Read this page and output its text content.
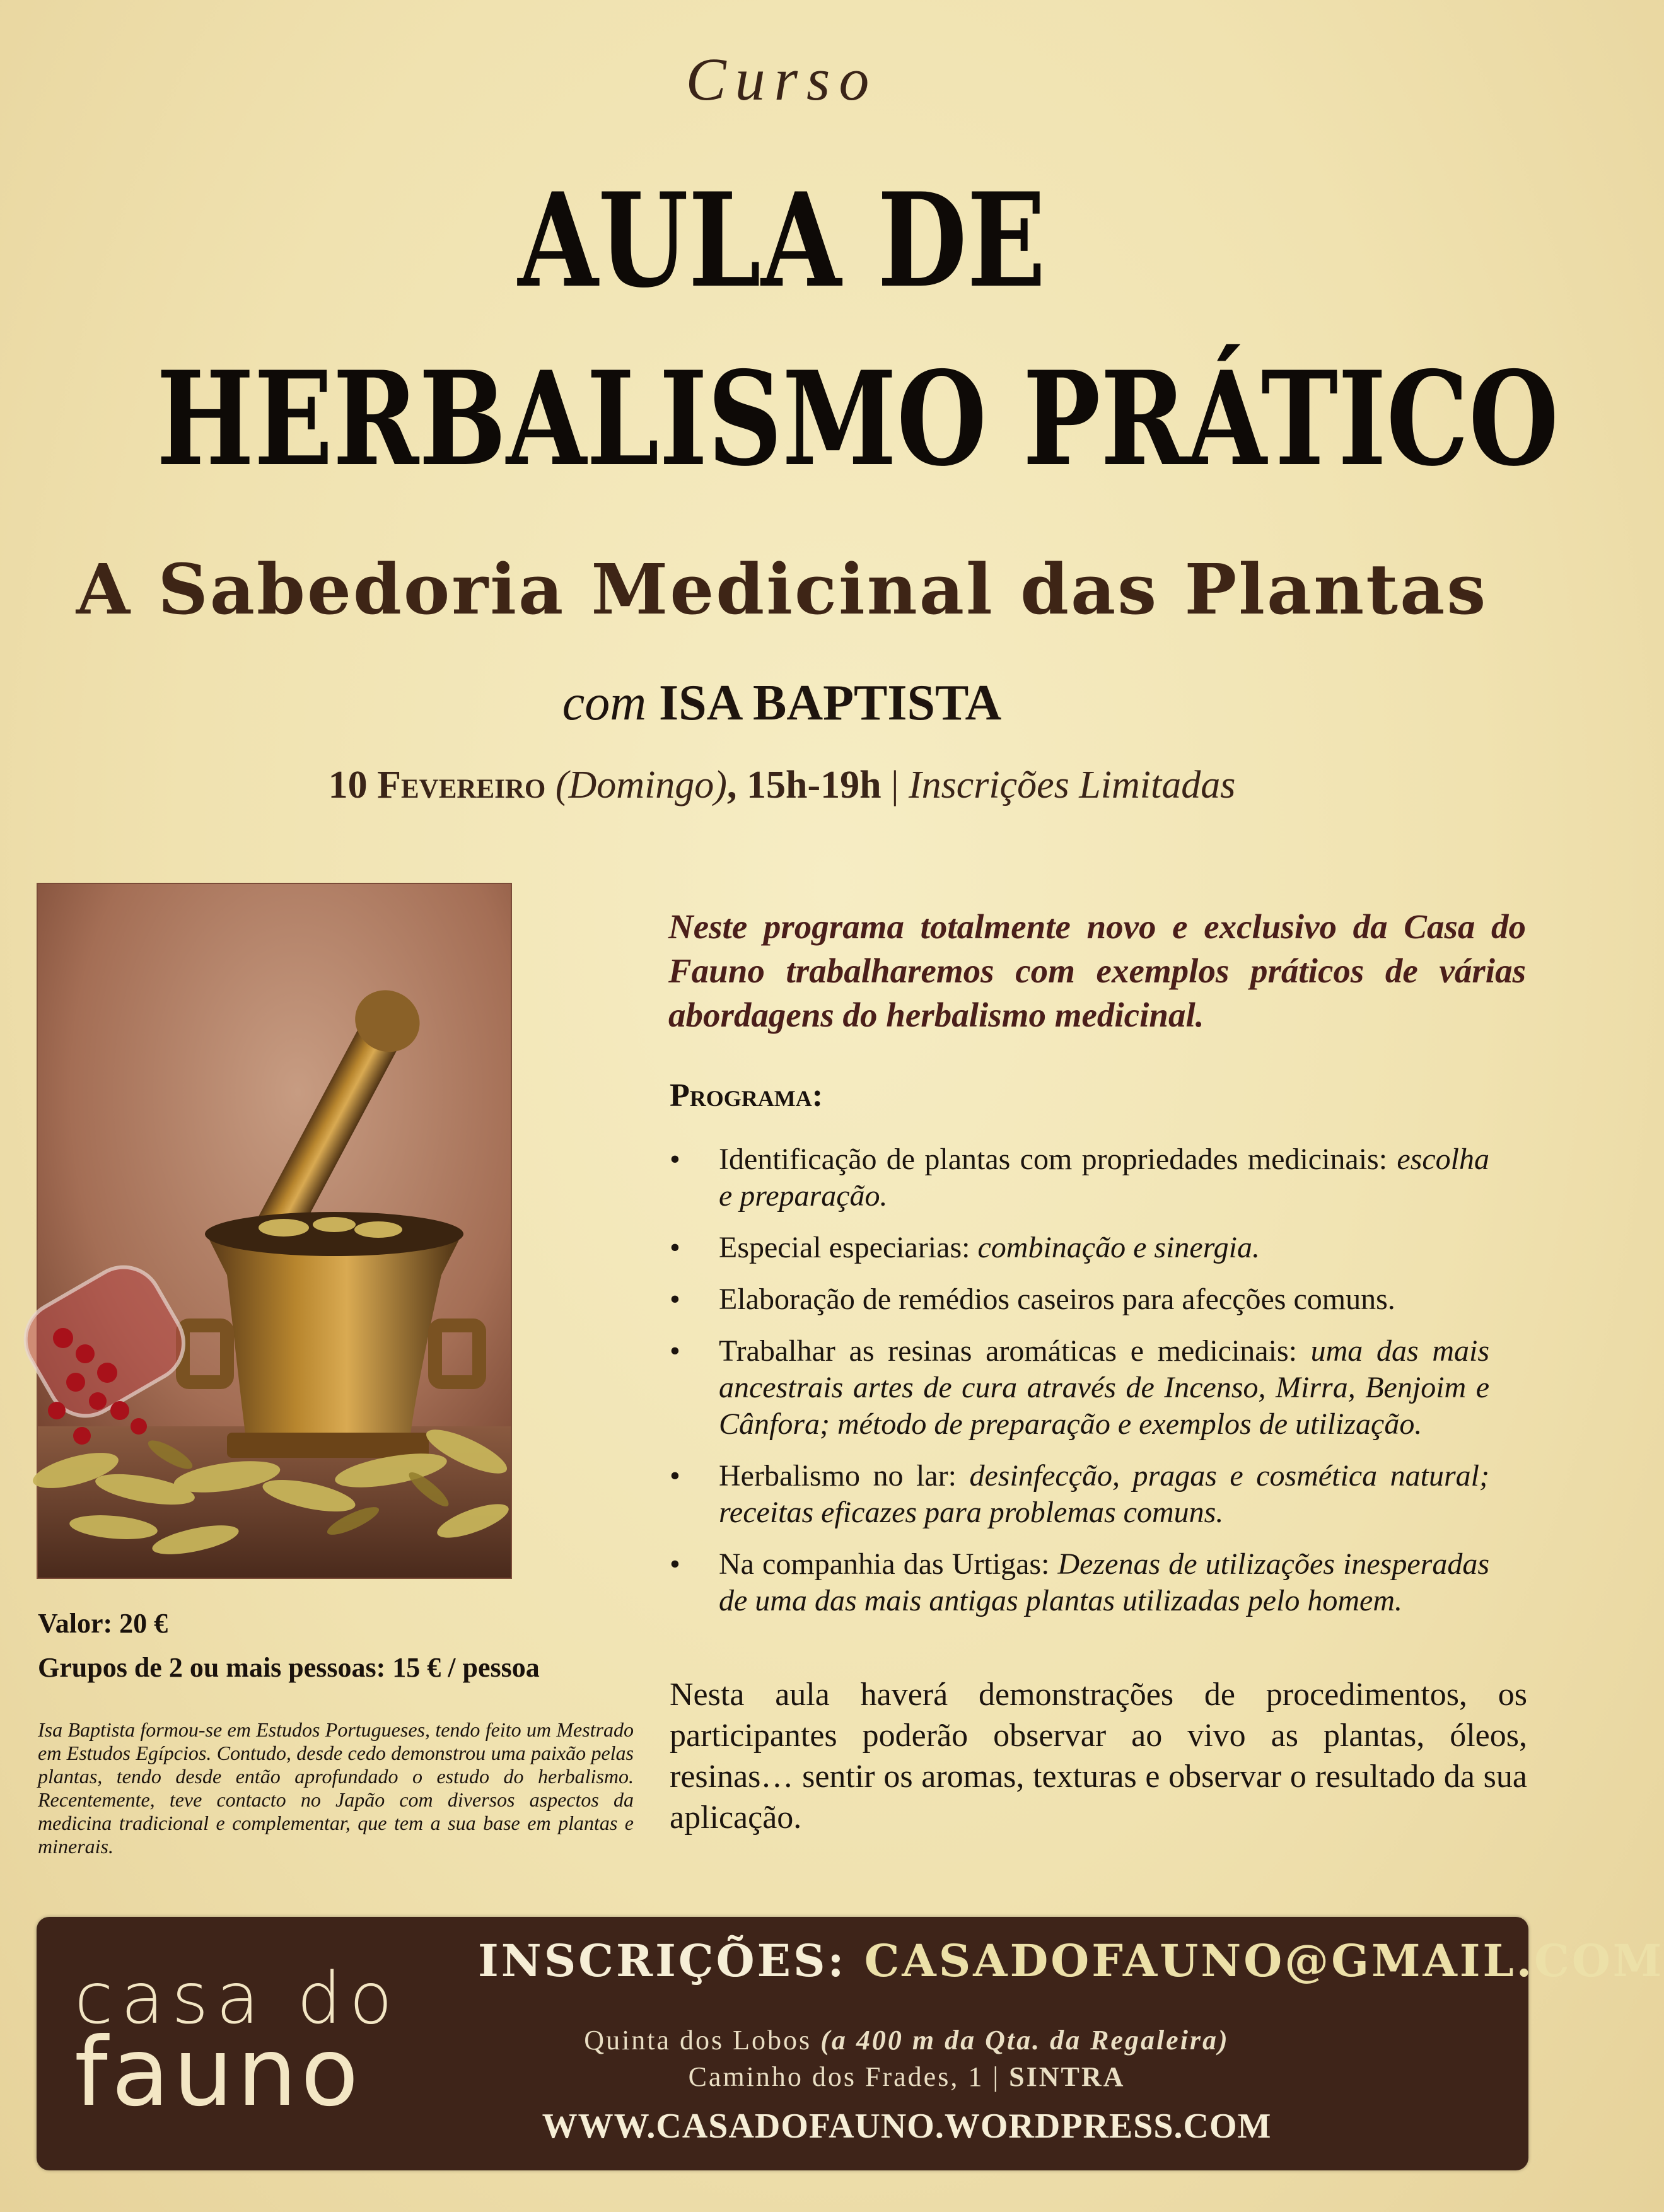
Curso
AULA DE
HERBALISMO PRÁTICO
A Sabedoria Medicinal das Plantas
com ISA BAPTISTA
10 Fevereiro (Domingo), 15h-19h | Inscrições Limitadas
Valor: 20 €
Grupos de 2 ou mais pessoas: 15 € / pessoa
Isa Baptista formou-se em Estudos Portugueses, tendo feito um Mestrado em Estudos Egípcios. Contudo, desde cedo demonstrou uma paixão pelas plantas, tendo desde então aprofundado o estudo do herbalismo. Recentemente, teve contacto no Japão com diversos aspectos da medicina tradicional e complementar, que tem a sua base em plantas e minerais.
Neste programa totalmente novo e exclusivo da Casa do Fauno trabalharemos com exemplos práticos de várias abordagens do herbalismo medicinal.
Programa:
• Identificação de plantas com propriedades medicinais: escolha e preparação.
• Especial especiarias: combinação e sinergia.
• Elaboração de remédios caseiros para afecções comuns.
• Trabalhar as resinas aromáticas e medicinais: uma das mais ancestrais artes de cura através de Incenso, Mirra, Benjoim e Cânfora; método de preparação e exemplos de utilização.
• Herbalismo no lar: desinfecção, pragas e cosmética natural; receitas eficazes para problemas comuns.
• Na companhia das Urtigas: Dezenas de utilizações inesperadas de uma das mais antigas plantas utilizadas pelo homem.
Nesta aula haverá demonstrações de procedimentos, os participantes poderão observar ao vivo as plantas, óleos, resinas… sentir os aromas, texturas e observar o resultado da sua aplicação.
casa do
fauno
INSCRIÇÕES: CASADOFAUNO@GMAIL.COM
Quinta dos Lobos (a 400 m da Qta. da Regaleira)
Caminho dos Frades, 1 | SINTRA
WWW.CASADOFAUNO.WORDPRESS.COM
